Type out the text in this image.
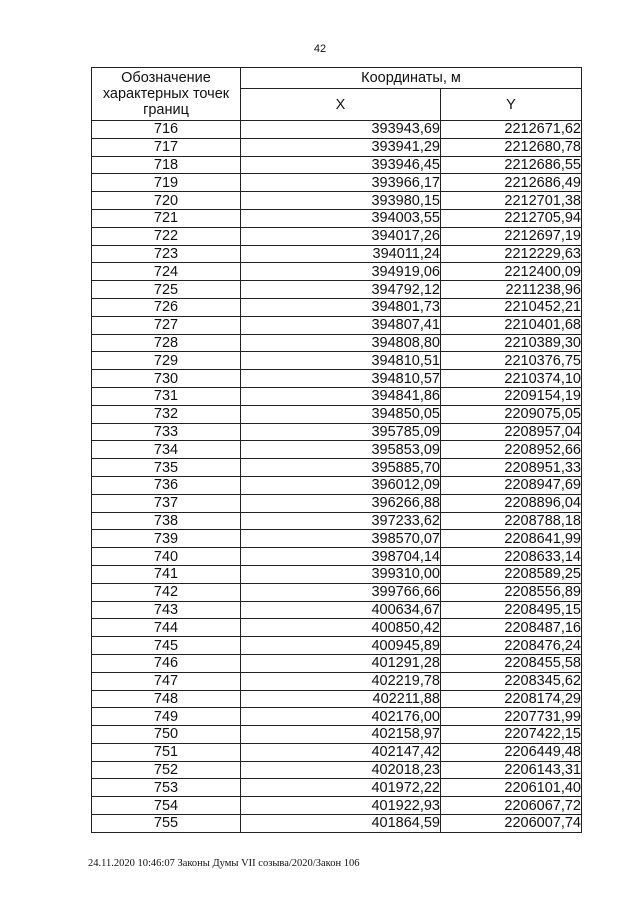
42
Обозначение характерных точек границ	Координаты, м	
	X	Y
716	393943,69	2212671,62
717	393941,29	2212680,78
718	393946,45	2212686,55
719	393966,17	2212686,49
720	393980,15	2212701,38
721	394003,55	2212705,94
722	394017,26	2212697,19
723	394011,24	2212229,63
724	394919,06	2212400,09
725	394792,12	2211238,96
726	394801,73	2210452,21
727	394807,41	2210401,68
728	394808,80	2210389,30
729	394810,51	2210376,75
730	394810,57	2210374,10
731	394841,86	2209154,19
732	394850,05	2209075,05
733	395785,09	2208957,04
734	395853,09	2208952,66
735	395885,70	2208951,33
736	396012,09	2208947,69
737	396266,88	2208896,04
738	397233,62	2208788,18
739	398570,07	2208641,99
740	398704,14	2208633,14
741	399310,00	2208589,25
742	399766,66	2208556,89
743	400634,67	2208495,15
744	400850,42	2208487,16
745	400945,89	2208476,24
746	401291,28	2208455,58
747	402219,78	2208345,62
748	402211,88	2208174,29
749	402176,00	2207731,99
750	402158,97	2207422,15
751	402147,42	2206449,48
752	402018,23	2206143,31
753	401972,22	2206101,40
754	401922,93	2206067,72
755	401864,59	2206007,74
24.11.2020 10:46:07 Законы Думы VII созыва/2020/Закон 106
